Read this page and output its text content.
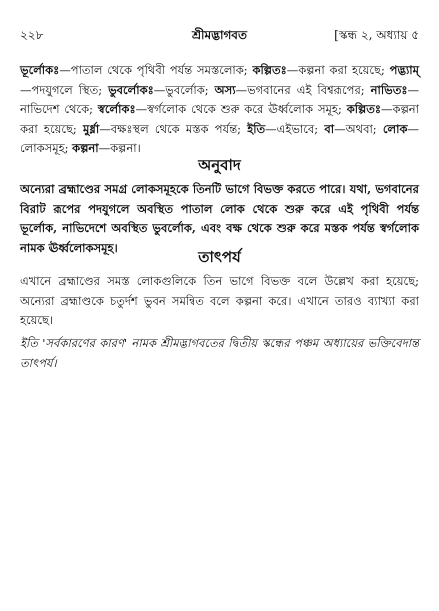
শ্রীমদ্ভাগবত
২২৮	[স্কন্ধ ২, অধ্যায় ৫

ভূর্লোকঃ—পাতাল থেকে পৃথিবী পর্যন্ত সমস্তলোক; কল্পিতঃ—কল্পনা করা হয়েছে; পদ্ভ্যাম্—পদযুগলে স্থিত; ভুবর্লোকঃ—ভুবর্লোক; অস্য—ভগবানের এই বিশ্বরূপের; নাভিতঃ—নাভিদেশ থেকে; স্বর্লোকঃ—স্বর্গলোক থেকে শুরু করে ঊর্ধ্বলোক সমূহ; কল্পিতঃ—কল্পনা করা হয়েছে; মুর্ধ্না—বক্ষঃস্থল থেকে মস্তক পর্যন্ত; ইতি—এইভাবে; বা—অথবা; লোক—লোকসমূহ; কল্পনা—কল্পনা।

অনুবাদ

অন্যেরা ব্রহ্মাণ্ডের সমগ্র লোকসমূহকে তিনটি ভাগে বিভক্ত করতে পারে। যথা, ভগবানের বিরাট রূপের পদযুগলে অবস্থিত পাতাল লোক থেকে শুরু করে এই পৃথিবী পর্যন্ত ভূর্লোক, নাভিদেশে অবস্থিত ভুবর্লোক, এবং বক্ষ থেকে শুরু করে মস্তক পর্যন্ত স্বর্গলোক নামক ঊর্ধ্বলোকসমূহ।

তাৎপর্য

এখানে ব্রহ্মাণ্ডের সমস্ত লোকগুলিকে তিন ভাগে বিভক্ত বলে উল্লেখ করা হয়েছে; অন্যেরা ব্রহ্মাণ্ডকে চতুর্দশ ভুবন সমন্বিত বলে কল্পনা করে। এখানে তারও ব্যাখ্যা করা হয়েছে।

ইতি 'সর্বকারণের কারণ' নামক শ্রীমদ্ভাগবতের দ্বিতীয় স্কন্ধের পঞ্চম অধ্যায়ের ভক্তিবেদান্ত তাৎপর্য।
